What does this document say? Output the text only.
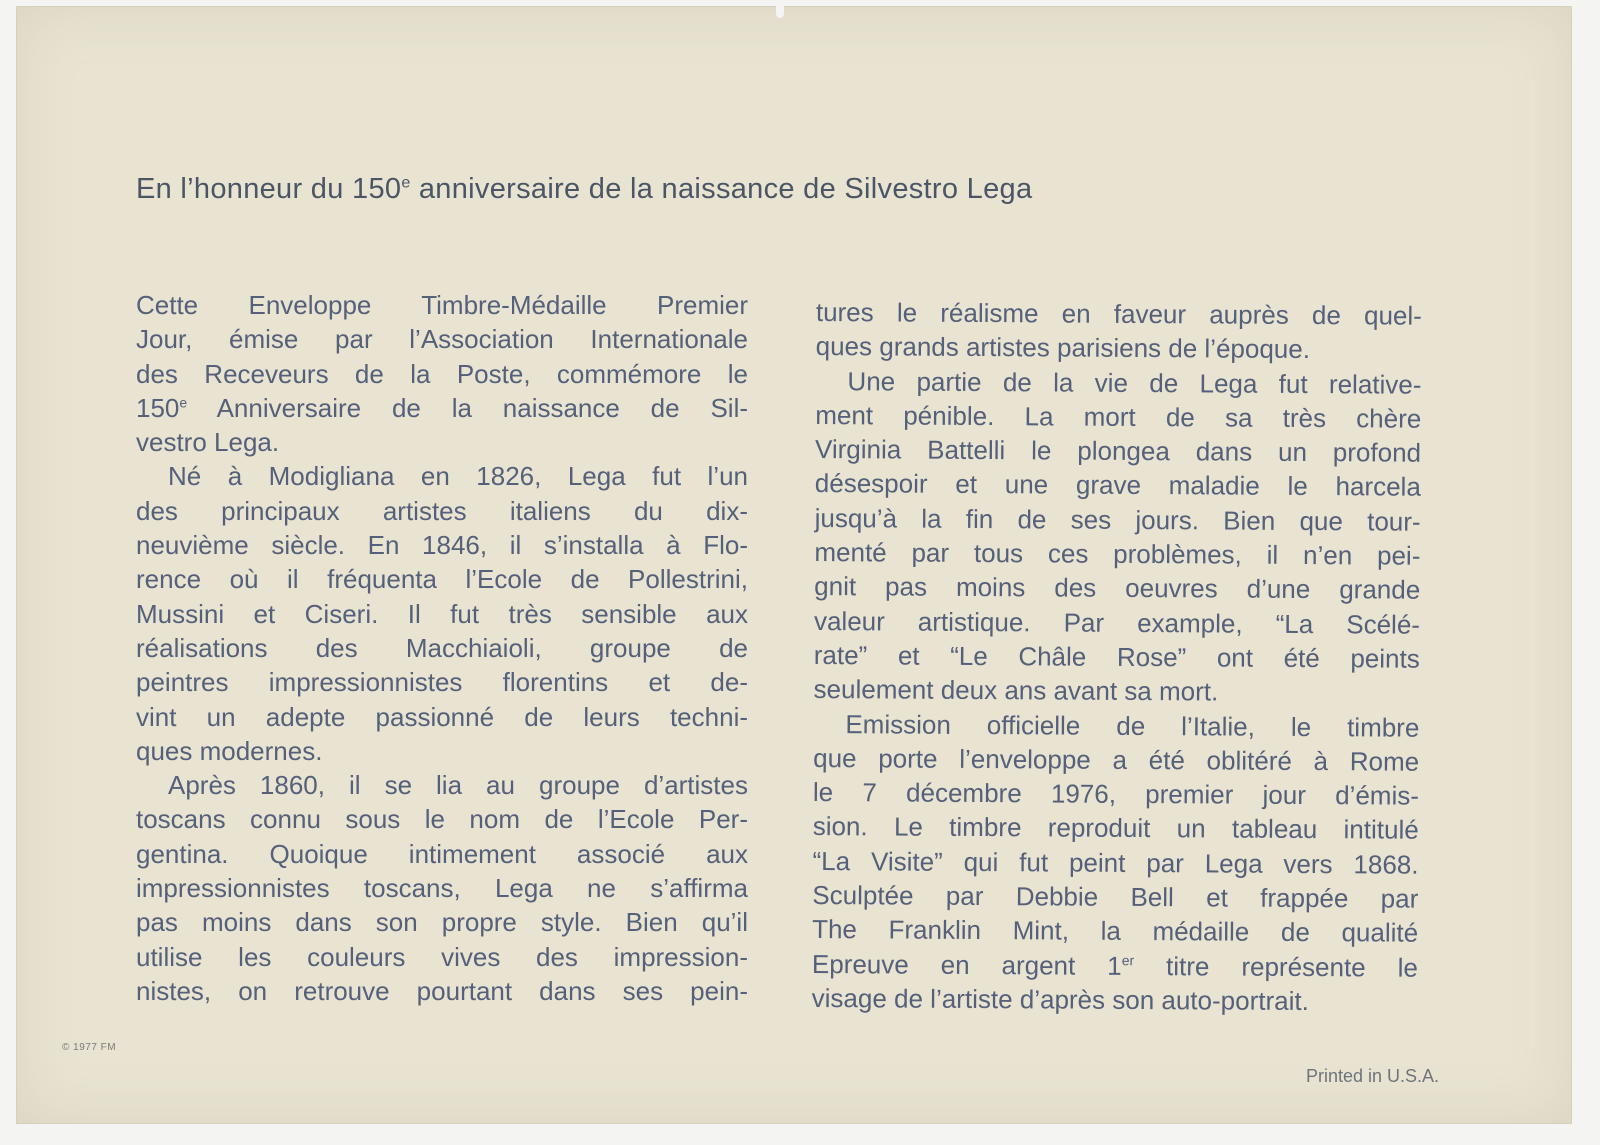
En l’honneur du 150e anniversaire de la naissance de Silvestro Lega
Cette Enveloppe Timbre-Médaille Premier
Jour, émise par l’Association Internationale
des Receveurs de la Poste, commémore le
150e Anniversaire de la naissance de Sil-
vestro Lega.
Né à Modigliana en 1826, Lega fut l’un
des principaux artistes italiens du dix-
neuvième siècle. En 1846, il s’installa à Flo-
rence où il fréquenta l’Ecole de Pollestrini,
Mussini et Ciseri. Il fut très sensible aux
réalisations des Macchiaioli, groupe de
peintres impressionnistes florentins et de-
vint un adepte passionné de leurs techni-
ques modernes.
Après 1860, il se lia au groupe d’artistes
toscans connu sous le nom de l’Ecole Per-
gentina. Quoique intimement associé aux
impressionnistes toscans, Lega ne s’affirma
pas moins dans son propre style. Bien qu’il
utilise les couleurs vives des impression-
nistes, on retrouve pourtant dans ses pein-
tures le réalisme en faveur auprès de quel-
ques grands artistes parisiens de l’époque.
Une partie de la vie de Lega fut relative-
ment pénible. La mort de sa très chère
Virginia Battelli le plongea dans un profond
désespoir et une grave maladie le harcela
jusqu’à la fin de ses jours. Bien que tour-
menté par tous ces problèmes, il n’en pei-
gnit pas moins des oeuvres d’une grande
valeur artistique. Par example, “La Scélé-
rate” et “Le Châle Rose” ont été peints
seulement deux ans avant sa mort.
Emission officielle de l’Italie, le timbre
que porte l’enveloppe a été oblitéré à Rome
le 7 décembre 1976, premier jour d’émis-
sion. Le timbre reproduit un tableau intitulé
“La Visite” qui fut peint par Lega vers 1868.
Sculptée par Debbie Bell et frappée par
The Franklin Mint, la médaille de qualité
Epreuve en argent 1er titre représente le
visage de l’artiste d’après son auto-portrait.
© 1977 FM
Printed in U.S.A.
